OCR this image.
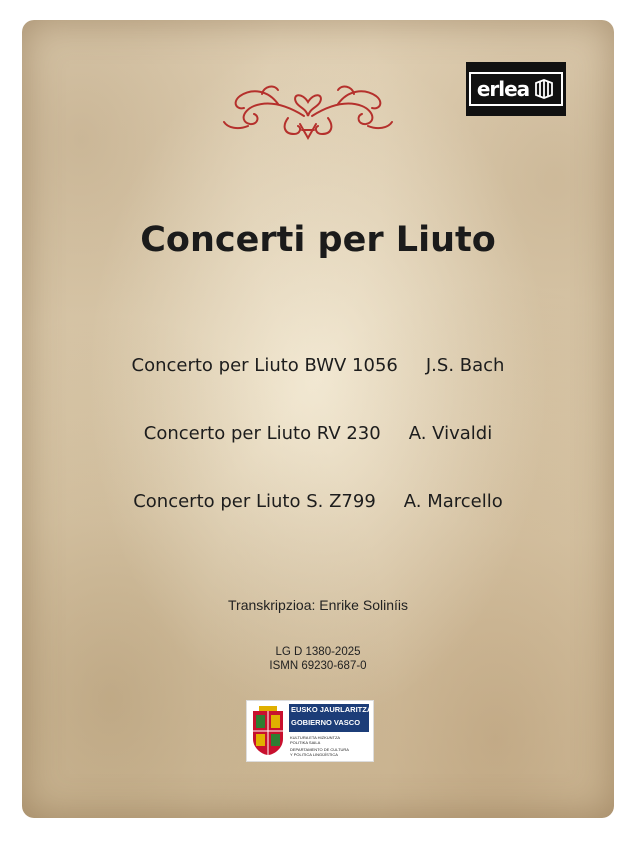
erlea
Concerti per Liuto
Concerto per Liuto BWV 1056 J.S. Bach
Concerto per Liuto RV 230 A. Vivaldi
Concerto per Liuto S. Z799 A. Marcello
Transkripzioa: Enrike Soliníis
LG D 1380-2025
ISMN 69230-687-0
EUSKO JAURLARITZA
GOBIERNO VASCO
KULTURA ETA HIZKUNTZA
POLITIKA SAILA
DEPARTAMENTO DE CULTURA
Y POLITICA LINGÜÍSTICA
